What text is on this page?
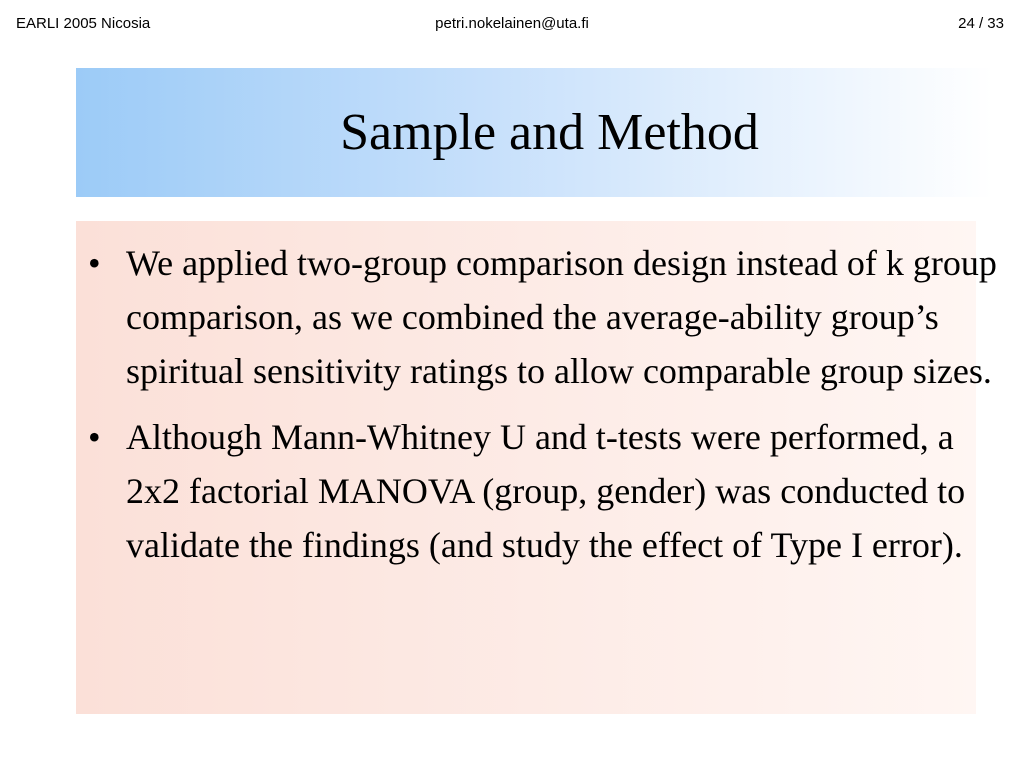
EARLI 2005 Nicosia	petri.nokelainen@uta.fi	24 / 33
Sample and Method
• We applied two-group comparison design instead of k group comparison, as we combined the average-ability group’s spiritual sensitivity ratings to allow comparable group sizes.
• Although Mann-Whitney U and t-tests were performed, a 2x2 factorial MANOVA (group, gender) was conducted to validate the findings (and study the effect of Type I error).
